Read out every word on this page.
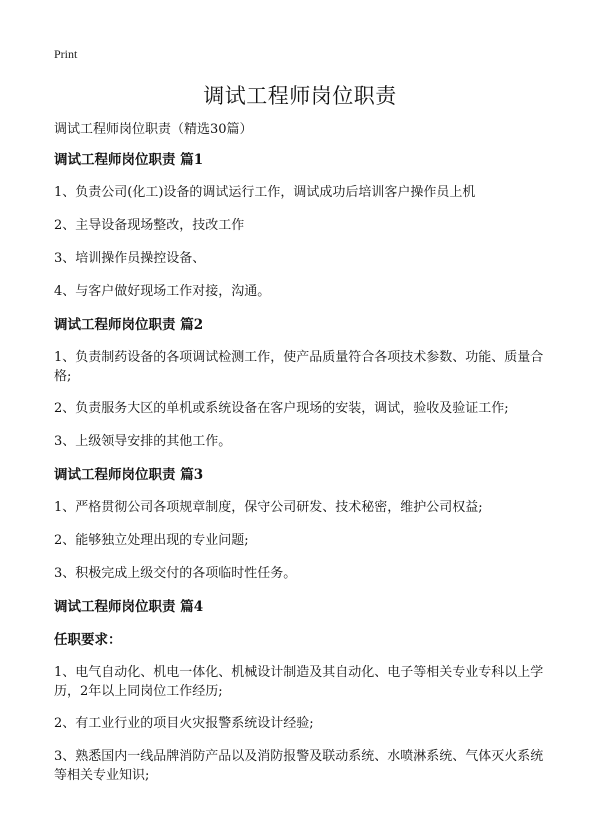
Print
调试工程师岗位职责
调试工程师岗位职责（精选30篇）
调试工程师岗位职责 篇1
1、负责公司(化工)设备的调试运行工作，调试成功后培训客户操作员上机
2、主导设备现场整改，技改工作
3、培训操作员操控设备、
4、与客户做好现场工作对接，沟通。
调试工程师岗位职责 篇2
1、负责制药设备的各项调试检测工作，使产品质量符合各项技术参数、功能、质量合格;
2、负责服务大区的单机或系统设备在客户现场的安装，调试，验收及验证工作;
3、上级领导安排的其他工作。
调试工程师岗位职责 篇3
1、严格贯彻公司各项规章制度，保守公司研发、技术秘密，维护公司权益;
2、能够独立处理出现的专业问题;
3、积极完成上级交付的各项临时性任务。
调试工程师岗位职责 篇4
任职要求：
1、电气自动化、机电一体化、机械设计制造及其自动化、电子等相关专业专科以上学历，2年以上同岗位工作经历;
2、有工业行业的项目火灾报警系统设计经验;
3、熟悉国内一线品牌消防产品以及消防报警及联动系统、水喷淋系统、气体灭火系统等相关专业知识;
